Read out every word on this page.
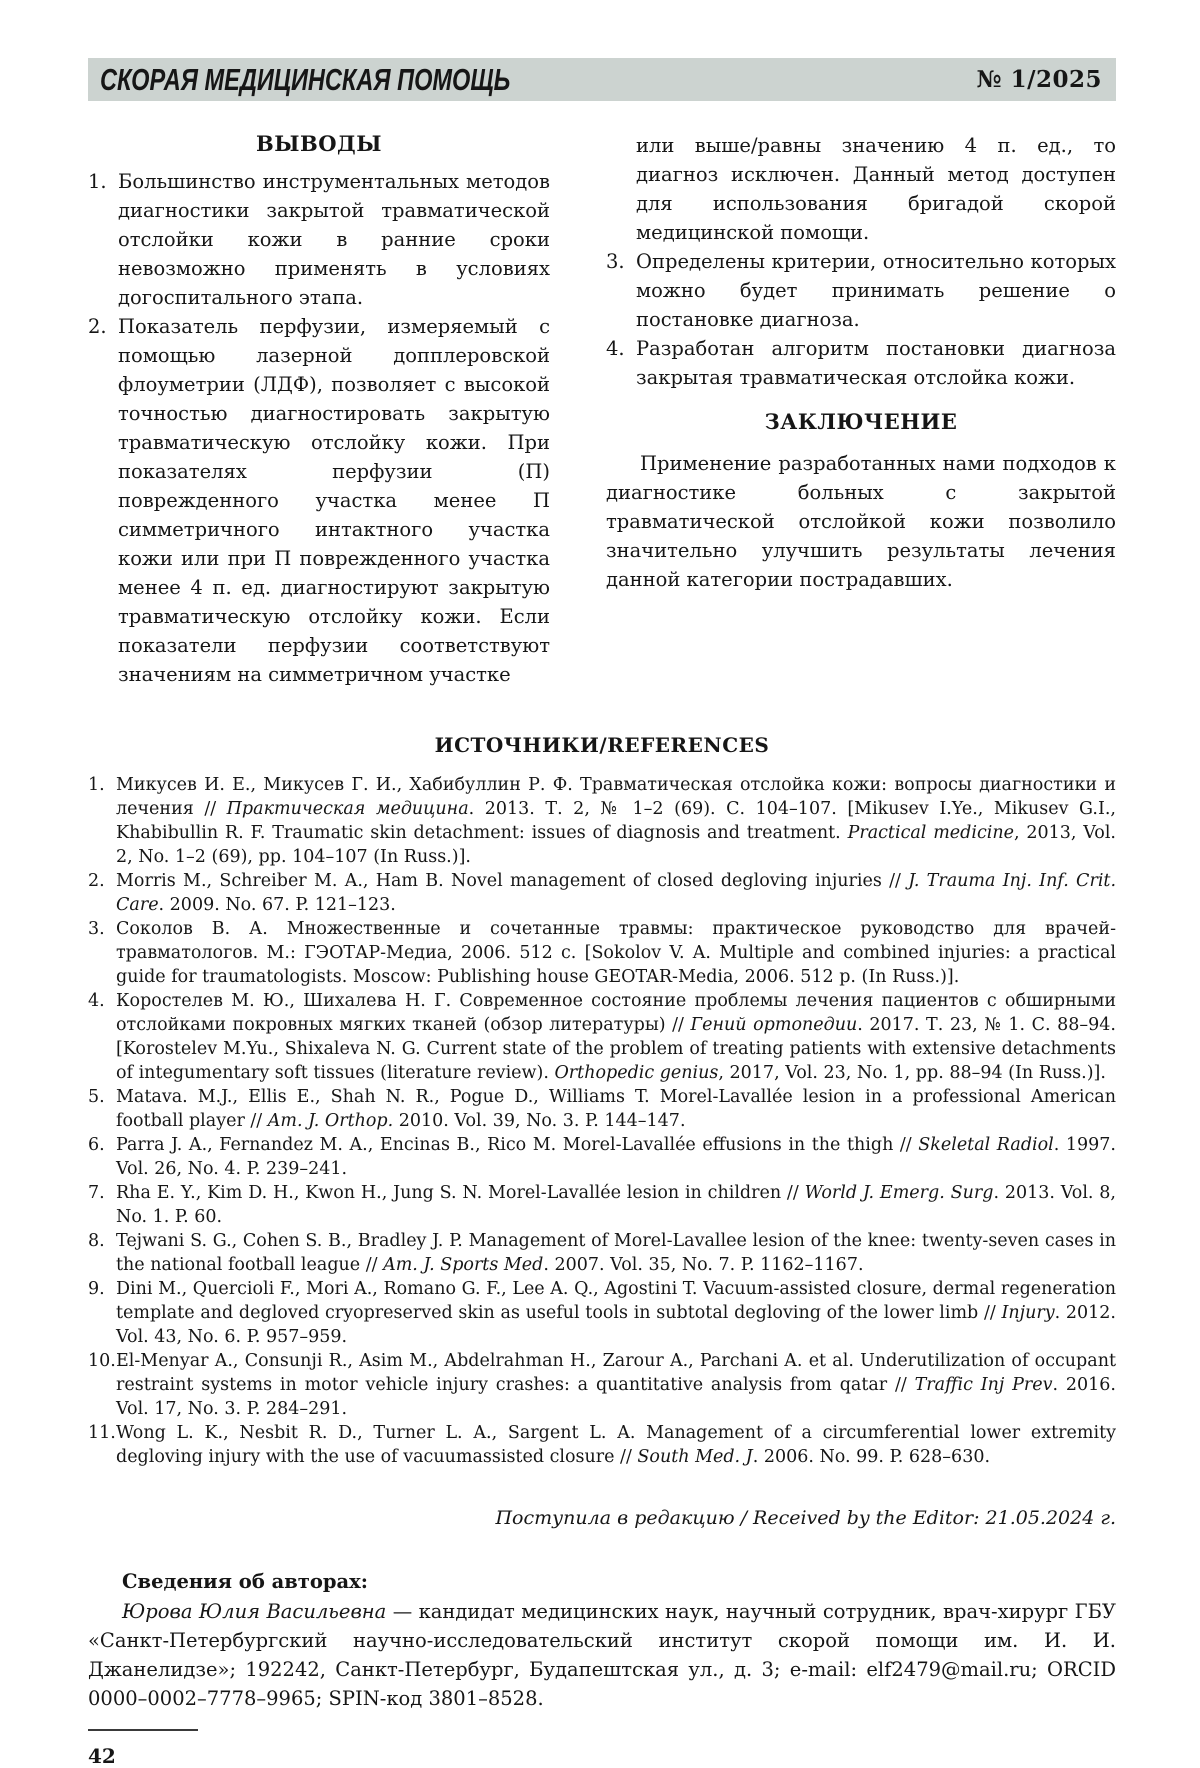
СКОРАЯ МЕДИЦИНСКАЯ ПОМОЩЬ	№ 1/2025
ВЫВОДЫ
1. Большинство инструментальных методов диагностики закрытой травматической отслойки кожи в ранние сроки невозможно применять в условиях догоспитального этапа.
2. Показатель перфузии, измеряемый с помощью лазерной допплеровской флоуметрии (ЛДФ), позволяет с высокой точностью диагностировать закрытую травматическую отслойку кожи. При показателях перфузии (П) поврежденного участка менее П симметричного интактного участка кожи или при П поврежденного участка менее 4 п. ед. диагностируют закрытую травматическую отслойку кожи. Если показатели перфузии соответствуют значениям на симметричном участке
или выше/равны значению 4 п. ед., то диагноз исключен. Данный метод доступен для использования бригадой скорой медицинской помощи.
3. Определены критерии, относительно которых можно будет принимать решение о постановке диагноза.
4. Разработан алгоритм постановки диагноза закрытая травматическая отслойка кожи.
ЗАКЛЮЧЕНИЕ

Применение разработанных нами подходов к диагностике больных с закрытой травматической отслойкой кожи позволило значительно улучшить результаты лечения данной категории пострадавших.

ИСТОЧНИКИ/REFERENCES
1. Микусев И. Е., Микусев Г. И., Хабибуллин Р. Ф. Травматическая отслойка кожи: вопросы диагностики и лечения // Практическая медицина. 2013. Т. 2, № 1–2 (69). С. 104–107. [Mikusev I.Ye., Mikusev G.I., Khabibullin R. F. Traumatic skin detachment: issues of diagnosis and treatment. Practical medicine, 2013, Vol. 2, No. 1–2 (69), pp. 104–107 (In Russ.)].
2. Morris M., Schreiber M. A., Ham B. Novel management of closed degloving injuries // J. Trauma Inj. Inf. Crit. Care. 2009. No. 67. P. 121–123.
3. Соколов В. А. Множественные и сочетанные травмы: практическое руководство для врачей-травматологов. М.: ГЭОТАР-Медиа, 2006. 512 с. [Sokolov V. A. Multiple and combined injuries: a practical guide for traumatologists. Moscow: Publishing house GEOTAR-Media, 2006. 512 p. (In Russ.)].
4. Коростелев М. Ю., Шихалева Н. Г. Современное состояние проблемы лечения пациентов с обширными отслойками покровных мягких тканей (обзор литературы) // Гений ортопедии. 2017. Т. 23, № 1. С. 88–94. [Korostelev M.Yu., Shixaleva N. G. Current state of the problem of treating patients with extensive detachments of integumentary soft tissues (literature review). Orthopedic genius, 2017, Vol. 23, No. 1, pp. 88–94 (In Russ.)].
5. Matava. M.J., Ellis E., Shah N. R., Pogue D., Williams T. Morel-Lavallée lesion in a professional American football player // Am. J. Orthop. 2010. Vol. 39, No. 3. P. 144–147.
6. Parra J. A., Fernandez M. A., Encinas B., Rico M. Morel-Lavallée effusions in the thigh // Skeletal Radiol. 1997. Vol. 26, No. 4. P. 239–241.
7. Rha E. Y., Kim D. H., Kwon H., Jung S. N. Morel-Lavallée lesion in children // World J. Emerg. Surg. 2013. Vol. 8, No. 1. P. 60.
8. Tejwani S. G., Cohen S. B., Bradley J. P. Management of Morel-Lavallee lesion of the knee: twenty-seven cases in the national football league // Am. J. Sports Med. 2007. Vol. 35, No. 7. P. 1162–1167.
9. Dini M., Quercioli F., Mori A., Romano G. F., Lee A. Q., Agostini T. Vacuum-assisted closure, dermal regeneration template and degloved cryopreserved skin as useful tools in subtotal degloving of the lower limb // Injury. 2012. Vol. 43, No. 6. P. 957–959.
10. El-Menyar A., Consunji R., Asim M., Abdelrahman H., Zarour A., Parchani A. et al. Underutilization of occupant restraint systems in motor vehicle injury crashes: a quantitative analysis from qatar // Traffic Inj Prev. 2016. Vol. 17, No. 3. P. 284–291.
11. Wong L. K., Nesbit R. D., Turner L. A., Sargent L. A. Management of a circumferential lower extremity degloving injury with the use of vacuumassisted closure // South Med. J. 2006. No. 99. P. 628–630.
Поступила в редакцию / Received by the Editor: 21.05.2024 г.

Сведения об авторах:

Юрова Юлия Васильевна — кандидат медицинских наук, научный сотрудник, врач-хирург ГБУ «Санкт-Петербургский научно-исследовательский институт скорой помощи им. И. И. Джанелидзе»; 192242, Санкт-Петербург, Будапештская ул., д. 3; e-mail: elf2479@mail.ru; ORCID 0000–0002–7778–9965; SPIN-код 3801–8528.

42
